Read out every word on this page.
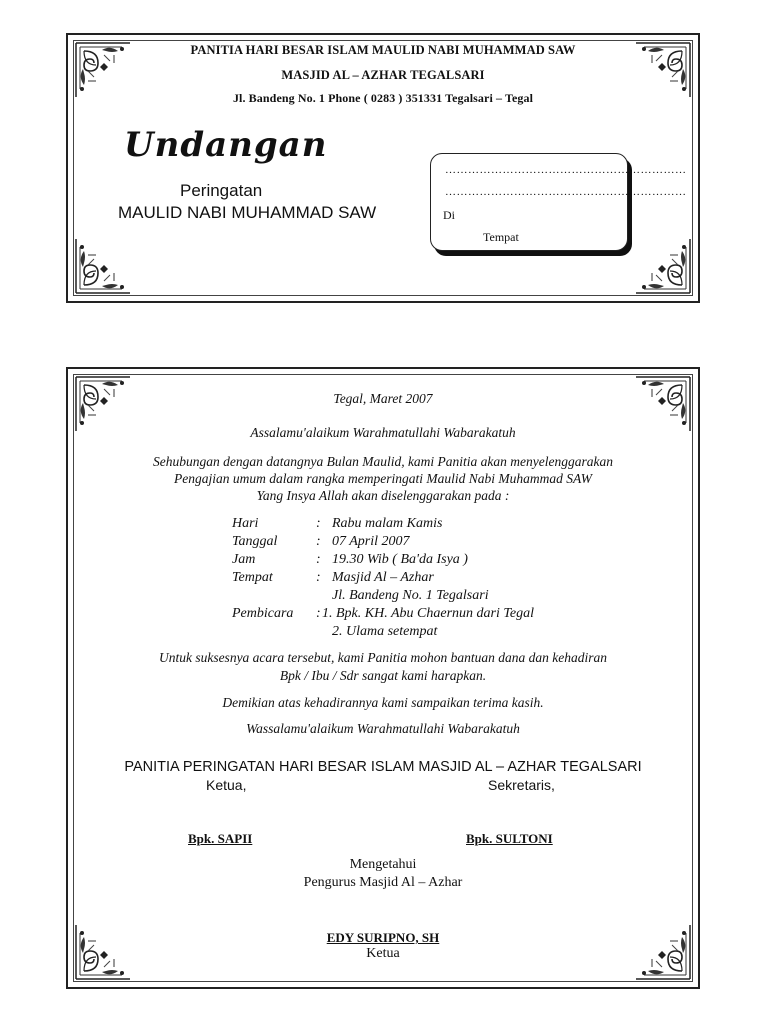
PANITIA HARI BESAR ISLAM MAULID NABI MUHAMMAD SAW
MASJID AL – AZHAR TEGALSARI
Jl. Bandeng No. 1 Phone ( 0283 ) 351331 Tegalsari – Tegal
Undangan
Peringatan
MAULID NABI MUHAMMAD SAW
………………………………………………………
………………………………………………………
Di
Tempat
Tegal, Maret 2007
Assalamu'alaikum Warahmatullahi Wabarakatuh
Sehubungan dengan datangnya Bulan Maulid, kami Panitia akan menyelenggarakan
Pengajian umum dalam rangka memperingati Maulid Nabi Muhammad SAW
Yang Insya Allah akan diselenggarakan pada :
Hari	: Rabu malam Kamis
Tanggal	: 07 April 2007
Jam	: 19.30 Wib ( Ba'da Isya )
Tempat	: Masjid Al – Azhar
Jl. Bandeng No. 1 Tegalsari
Pembicara : 1. Bpk. KH. Abu Chaernun dari Tegal
2. Ulama setempat
Untuk suksesnya acara tersebut, kami Panitia mohon bantuan dana dan kehadiran
Bpk / Ibu / Sdr sangat kami harapkan.
Demikian atas kehadirannya kami sampaikan terima kasih.
Wassalamu'alaikum Warahmatullahi Wabarakatuh
PANITIA PERINGATAN HARI BESAR ISLAM MASJID AL – AZHAR TEGALSARI
Ketua,	Sekretaris,
Bpk. SAPII	Bpk. SULTONI
Mengetahui
Pengurus Masjid Al – Azhar
EDY SURIPNO, SH
Ketua
